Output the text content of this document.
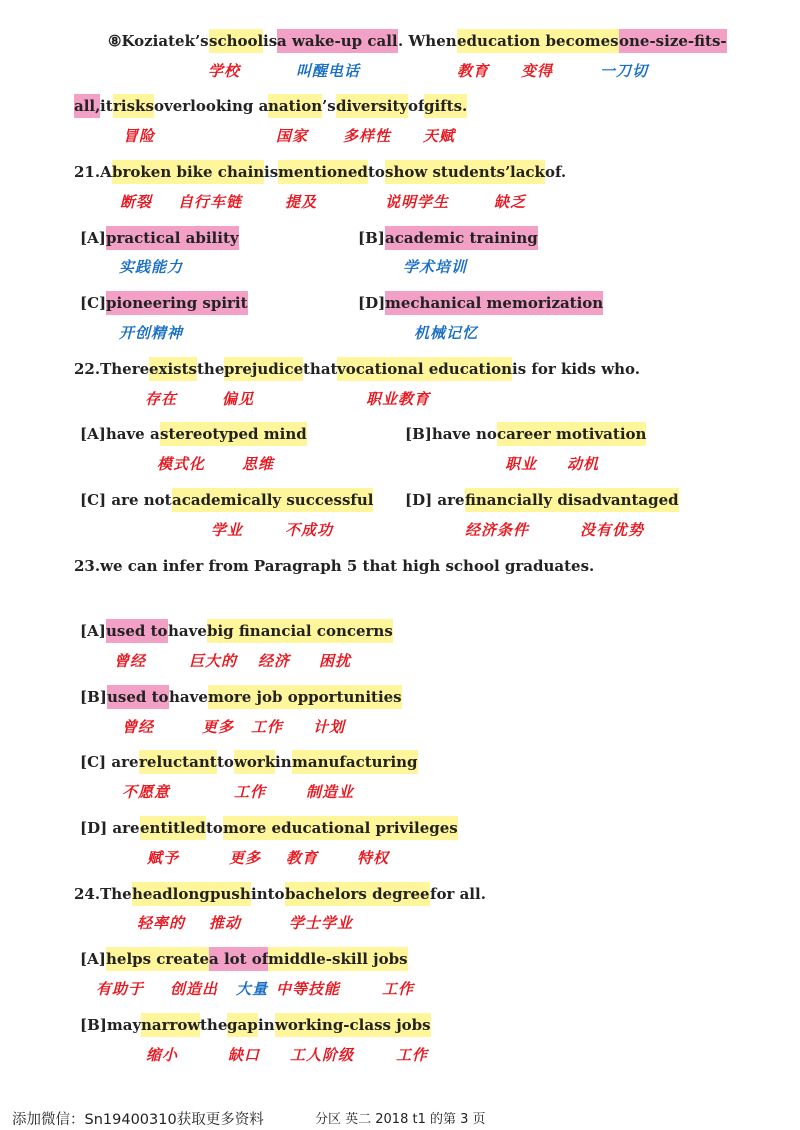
⑧Koziatek’s school is a wake-up call . When education becomes one-size-fits-
all, it risks overlooking a nation ’s diversity of gifts.
21.A broken bike chain is mentioned to show students’ lack of.
[A] practical ability	[B] academic training
[C] pioneering spirit	[D] mechanical memorization
22.There exists the prejudice that vocational education is for kids who.
[A]have a stereotyped mind	[B]have no career motivation
[C] are not academically successful [D] are financially disadvantaged
23.we can infer from Paragraph 5 that high school graduates.
[A] used to have big financial concerns
[B] used to have more job opportunities
[C] are reluctant to work in manufacturing
[D] are entitled to more educational privileges
24.The headlong push into bachelors degree for all.
[A] helps create a lot of middle-skill jobs
[B]may narrow the gap in working-class jobs
学校	叫醒电话	教育 变得	一刀切
冒险	国家 多样性 天赋
断裂 自行车链	提及	说明学生	缺乏
实践能力	学术培训
开创精神	机械记忆
存在	偏见	职业教育
模式化 思维	职业 动机
学业	不成功	经济条件	没有优势
曾经	巨大的 经济 困扰
曾经	更多 工作 计划
不愿意	工作	制造业
赋予	更多 教育	特权
轻率的 推动	学士学业
有助于 创造出 大量 中等技能	工作
缩小	缺口 工人阶级	工作
添加微信：Sn19400310获取更多资料	分区 英二 2018 t1 的第 3 页
